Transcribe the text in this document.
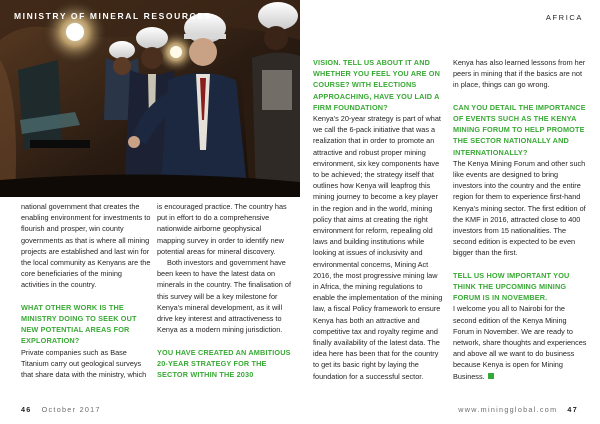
MINISTRY OF MINERAL RESOURCES	AFRICA

national government that creates the enabling environment for investments to flourish and prosper, win county governments as that is where all mining projects are established and last win for the local community as Kenyans are the core beneficiaries of the mining activities in the country.

WHAT OTHER WORK IS THE MINISTRY DOING TO SEEK OUT NEW POTENTIAL AREAS FOR EXPLORATION?

Private companies such as Base Titanium carry out geological surveys that share data with the ministry, which

is encouraged practice. The country has put in effort to do a comprehensive nationwide airborne geophysical mapping survey in order to identify new potential areas for mineral discovery.

Both investors and government have been keen to have the latest data on minerals in the country. The finalisation of this survey will be a key milestone for Kenya's mineral development, as it will drive key interest and attractiveness to Kenya as a modern mining jurisdiction.

YOU HAVE CREATED AN AMBITIOUS 20-YEAR STRATEGY FOR THE SECTOR WITHIN THE 2030

VISION. TELL US ABOUT IT AND WHETHER YOU FEEL YOU ARE ON COURSE? WITH ELECTIONS APPROACHING, HAVE YOU LAID A FIRM FOUNDATION?

Kenya's 20-year strategy is part of what we call the 6-pack initiative that was a realization that in order to promote an attractive and robust proper mining environment, six key components have to be achieved; the strategy itself that outlines how Kenya will leapfrog this mining journey to become a key player in the region and in the world, mining policy that aims at creating the right environment for reform, repealing old laws and building institutions while looking at issues of inclusivity and environmental concerns, Mining Act 2016, the most progressive mining law in Africa, the mining regulations to enable the implementation of the mining law, a fiscal Policy framework to ensure Kenya has both an attractive and competitive tax and royalty regime and finally availability of the latest data. The idea here has been that for the country to get its basic right by laying the foundation for a successful sector.

Kenya has also learned lessons from her peers in mining that if the basics are not in place, things can go wrong.

CAN YOU DETAIL THE IMPORTANCE OF EVENTS SUCH AS THE KENYA MINING FORUM TO HELP PROMOTE THE SECTOR NATIONALLY AND INTERNATIONALLY?

The Kenya Mining Forum and other such like events are designed to bring investors into the country and the entire region for them to experience first-hand Kenya's mining sector. The first edition of the KMF in 2016, attracted close to 400 investors from 15 nationalities. The second edition is expected to be even bigger than the first.

TELL US HOW IMPORTANT YOU THINK THE UPCOMING MINING FORUM IS IN NOVEMBER.

I welcome you all to Nairobi for the second edition of the Kenya Mining Forum in November. We are ready to network, share thoughts and experiences and above all we want to do business because Kenya is open for Mining Business.

46 October 2017	www.miningglobal.com 47
